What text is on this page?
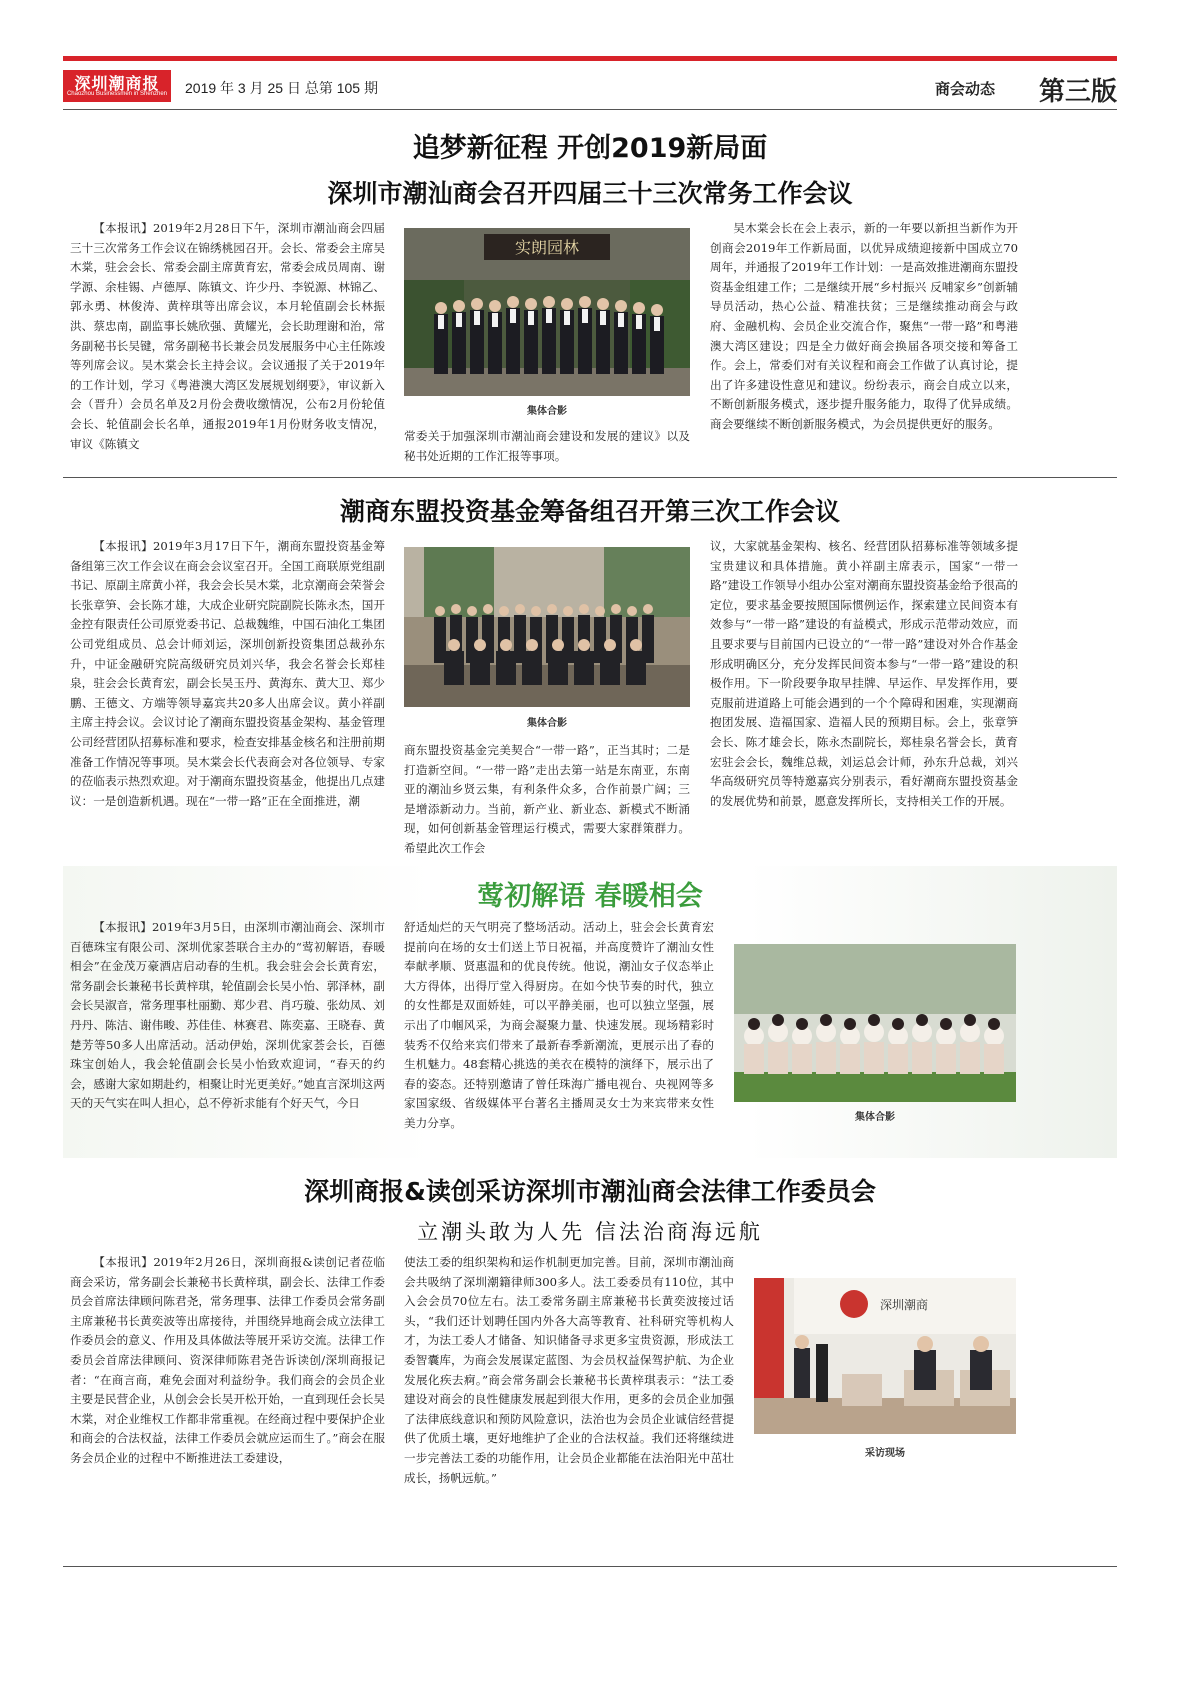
深圳潮商报
Chaozhou Businessmen in Shenzhen 2019 年 3 月 25 日 总第 105 期	商会动态 第三版
追梦新征程 开创2019新局面
深圳市潮汕商会召开四届三十三次常务工作会议
【本报讯】2019年2月28日下午，深圳市潮汕商会四届三十三次常务工作会议在锦绣桃园召开。会长、常委会主席吴木棠，驻会会长、常委会副主席黄育宏，常委会成员周南、谢学源、余桂锡、卢德厚、陈镇文、许少丹、李锐源、林锦乙、郭永勇、林俊涛、黄梓琪等出席会议，本月轮值副会长林振洪、蔡忠南，副监事长姚欣强、黄耀光，会长助理谢和治，常务副秘书长吴键，常务副秘书长兼会员发展服务中心主任陈竣等列席会议。吴木棠会长主持会议。会议通报了关于2019年的工作计划，学习《粤港澳大湾区发展规划纲要》，审议新入会（晋升）会员名单及2月份会费收缴情况，公布2月份轮值会长、轮值副会长名单，通报2019年1月份财务收支情况，审议《陈镇文
实朗园林
集体合影
常委关于加强深圳市潮汕商会建设和发展的建议》以及秘书处近期的工作汇报等事项。
吴木棠会长在会上表示，新的一年要以新担当新作为开创商会2019年工作新局面，以优异成绩迎接新中国成立70周年，并通报了2019年工作计划：一是高效推进潮商东盟投资基金组建工作；二是继续开展“乡村振兴 反哺家乡”创新辅导员活动，热心公益、精准扶贫；三是继续推动商会与政府、金融机构、会员企业交流合作，聚焦“一带一路”和粤港澳大湾区建设；四是全力做好商会换届各项交接和筹备工作。会上，常委们对有关议程和商会工作做了认真讨论，提出了许多建设性意见和建议。纷纷表示，商会自成立以来，不断创新服务模式，逐步提升服务能力，取得了优异成绩。商会要继续不断创新服务模式，为会员提供更好的服务。
潮商东盟投资基金筹备组召开第三次工作会议
【本报讯】2019年3月17日下午，潮商东盟投资基金筹备组第三次工作会议在商会会议室召开。全国工商联原党组副书记、原副主席黄小祥，我会会长吴木棠，北京潮商会荣誉会长张章笋、会长陈才雄，大成企业研究院副院长陈永杰，国开金控有限责任公司原党委书记、总裁魏维，中国石油化工集团公司党组成员、总会计师刘运，深圳创新投资集团总裁孙东升，中证金融研究院高级研究员刘兴华，我会名誉会长郑桂泉，驻会会长黄育宏，副会长吴玉丹、黄海东、黄大卫、郑少鹏、王德文、方端等领导嘉宾共20多人出席会议。黄小祥副主席主持会议。会议讨论了潮商东盟投资基金架构、基金管理公司经营团队招募标准和要求，检查安排基金核名和注册前期准备工作情况等事项。吴木棠会长代表商会对各位领导、专家的莅临表示热烈欢迎。对于潮商东盟投资基金，他提出几点建议：一是创造新机遇。现在“一带一路”正在全面推进，潮
集体合影
商东盟投资基金完美契合“一带一路”，正当其时；二是打造新空间。“一带一路”走出去第一站是东南亚，东南亚的潮汕乡贤云集，有利条件众多，合作前景广阔；三是增添新动力。当前，新产业、新业态、新模式不断涌现，如何创新基金管理运行模式，需要大家群策群力。希望此次工作会
议，大家就基金架构、核名、经营团队招募标准等领域多提宝贵建议和具体措施。黄小祥副主席表示，国家“一带一路”建设工作领导小组办公室对潮商东盟投资基金给予很高的定位，要求基金要按照国际惯例运作，探索建立民间资本有效参与“一带一路”建设的有益模式，形成示范带动效应，而且要求要与目前国内已设立的“一带一路”建设对外合作基金形成明确区分，充分发挥民间资本参与“一带一路”建设的积极作用。下一阶段要争取早挂牌、早运作、早发挥作用，要克服前进道路上可能会遇到的一个个障碍和困难，实现潮商抱团发展、造福国家、造福人民的预期目标。会上，张章笋会长、陈才雄会长，陈永杰副院长，郑桂泉名誉会长，黄育宏驻会会长，魏维总裁，刘运总会计师，孙东升总裁，刘兴华高级研究员等特邀嘉宾分别表示，看好潮商东盟投资基金的发展优势和前景，愿意发挥所长，支持相关工作的开展。
莺初解语 春暖相会
【本报讯】2019年3月5日，由深圳市潮汕商会、深圳市百德珠宝有限公司、深圳优家荟联合主办的“莺初解语，春暖相会”在金茂万豪酒店启动春的生机。我会驻会会长黄育宏，常务副会长兼秘书长黄梓琪，轮值副会长吴小怡、郭泽林，副会长吴淑音，常务理事杜丽勤、郑少君、肖巧璇、张幼凤、刘丹丹、陈洁、谢伟畯、苏佳佳、林赛君、陈奕嘉、王晓春、黄楚芳等50多人出席活动。活动伊始，深圳优家荟会长，百德珠宝创始人，我会轮值副会长吴小怡致欢迎词，“春天的约会，感谢大家如期赴约，相聚让时光更美好。”她直言深圳这两天的天气实在叫人担心，总不停祈求能有个好天气，今日
舒适灿烂的天气明亮了整场活动。活动上，驻会会长黄育宏提前向在场的女士们送上节日祝福，并高度赞许了潮汕女性奉献孝顺、贤惠温和的优良传统。他说，潮汕女子仪态举止大方得体，出得厅堂入得厨房。在如今快节奏的时代，独立的女性都是双面娇娃，可以平静美丽，也可以独立坚强，展示出了巾帼风采，为商会凝聚力量、快速发展。现场精彩时装秀不仅给来宾们带来了最新春季新潮流，更展示出了春的生机魅力。48套精心挑选的美衣在模特的演绎下，展示出了春的姿态。还特别邀请了曾任珠海广播电视台、央视网等多家国家级、省级媒体平台著名主播周灵女士为来宾带来女性美力分享。	集体合影
深圳商报&读创采访深圳市潮汕商会法律工作委员会
立潮头敢为人先 信法治商海远航
【本报讯】2019年2月26日，深圳商报&读创记者莅临商会采访，常务副会长兼秘书长黄梓琪，副会长、法律工作委员会首席法律顾问陈君尧，常务理事、法律工作委员会常务副主席兼秘书长黄奕波等出席接待，并围绕异地商会成立法律工作委员会的意义、作用及具体做法等展开采访交流。法律工作委员会首席法律顾问、资深律师陈君尧告诉读创/深圳商报记者：“在商言商，难免会面对利益纷争。我们商会的会员企业主要是民营企业，从创会会长吴开松开始，一直到现任会长吴木棠，对企业维权工作都非常重视。在经商过程中要保护企业和商会的合法权益，法律工作委员会就应运而生了。”商会在服务会员企业的过程中不断推进法工委建设，
使法工委的组织架构和运作机制更加完善。目前，深圳市潮汕商会共吸纳了深圳潮籍律师300多人。法工委委员有110位，其中入会会员70位左右。法工委常务副主席兼秘书长黄奕波接过话头，“我们还计划聘任国内外各大高等教育、社科研究等机构人才，为法工委人才储备、知识储备寻求更多宝贵资源，形成法工委智囊库，为商会发展谋定蓝图、为会员权益保驾护航、为企业发展化疾去痾。”商会常务副会长兼秘书长黄梓琪表示：“法工委建设对商会的良性健康发展起到很大作用，更多的会员企业加强了法律底线意识和预防风险意识，法治也为会员企业诚信经营提供了优质土壤，更好地维护了企业的合法权益。我们还将继续进一步完善法工委的功能作用，让会员企业都能在法治阳光中茁壮成长，扬帆远航。”
深圳潮商
采访现场
